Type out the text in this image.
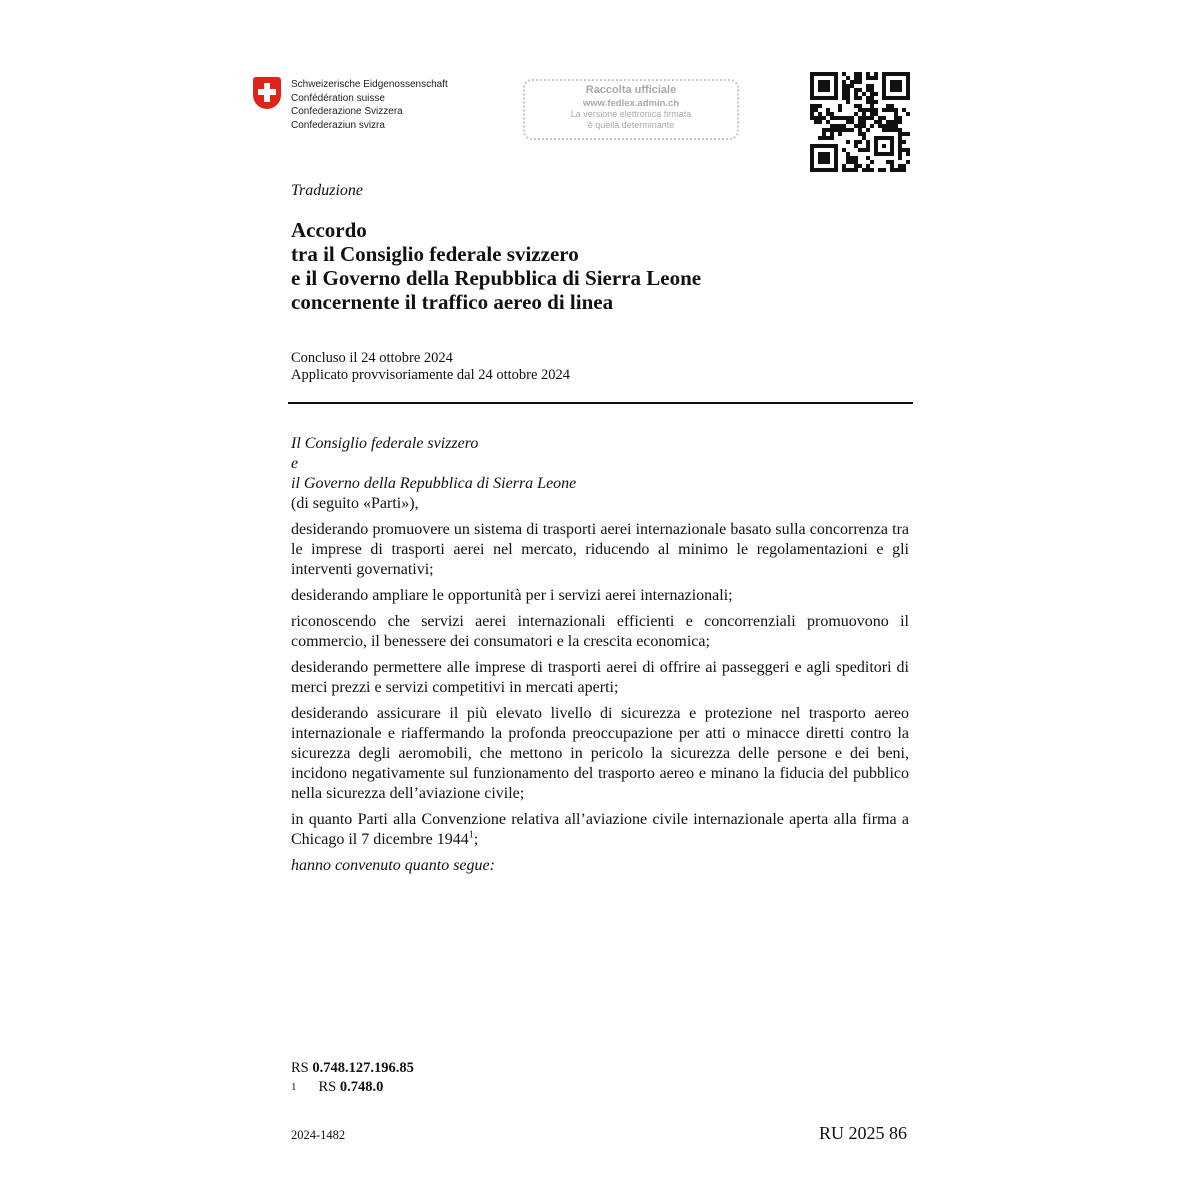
Schweizerische Eidgenossenschaft
Confédération suisse
Confederazione Svizzera
Confederaziun svizra
Raccolta ufficiale
www.fedlex.admin.ch
La versione elettronica firmata
è quella determinante
Traduzione
Accordo
tra il Consiglio federale svizzero
e il Governo della Repubblica di Sierra Leone
concernente il traffico aereo di linea
Concluso il 24 ottobre 2024
Applicato provvisoriamente dal 24 ottobre 2024

Il Consiglio federale svizzero

e

il Governo della Repubblica di Sierra Leone

(di seguito «Parti»),

desiderando promuovere un sistema di trasporti aerei internazionale basato sulla concorrenza tra le imprese di trasporti aerei nel mercato, riducendo al minimo le regolamentazioni e gli interventi governativi;

desiderando ampliare le opportunità per i servizi aerei internazionali;

riconoscendo che servizi aerei internazionali efficienti e concorrenziali promuovono il commercio, il benessere dei consumatori e la crescita economica;

desiderando permettere alle imprese di trasporti aerei di offrire ai passeggeri e agli speditori di merci prezzi e servizi competitivi in mercati aperti;

desiderando assicurare il più elevato livello di sicurezza e protezione nel trasporto aereo internazionale e riaffermando la profonda preoccupazione per atti o minacce diretti contro la sicurezza degli aeromobili, che mettono in pericolo la sicurezza delle persone e dei beni, incidono negativamente sul funzionamento del trasporto aereo e minano la fiducia del pubblico nella sicurezza dell’aviazione civile;

in quanto Parti alla Convenzione relativa all’aviazione civile internazionale aperta alla firma a Chicago il 7 dicembre 1944$^1$;

hanno convenuto quanto segue:

RS 0.748.127.196.85
$^1$ RS 0.748.0
2024-1482	RU 2025 86
